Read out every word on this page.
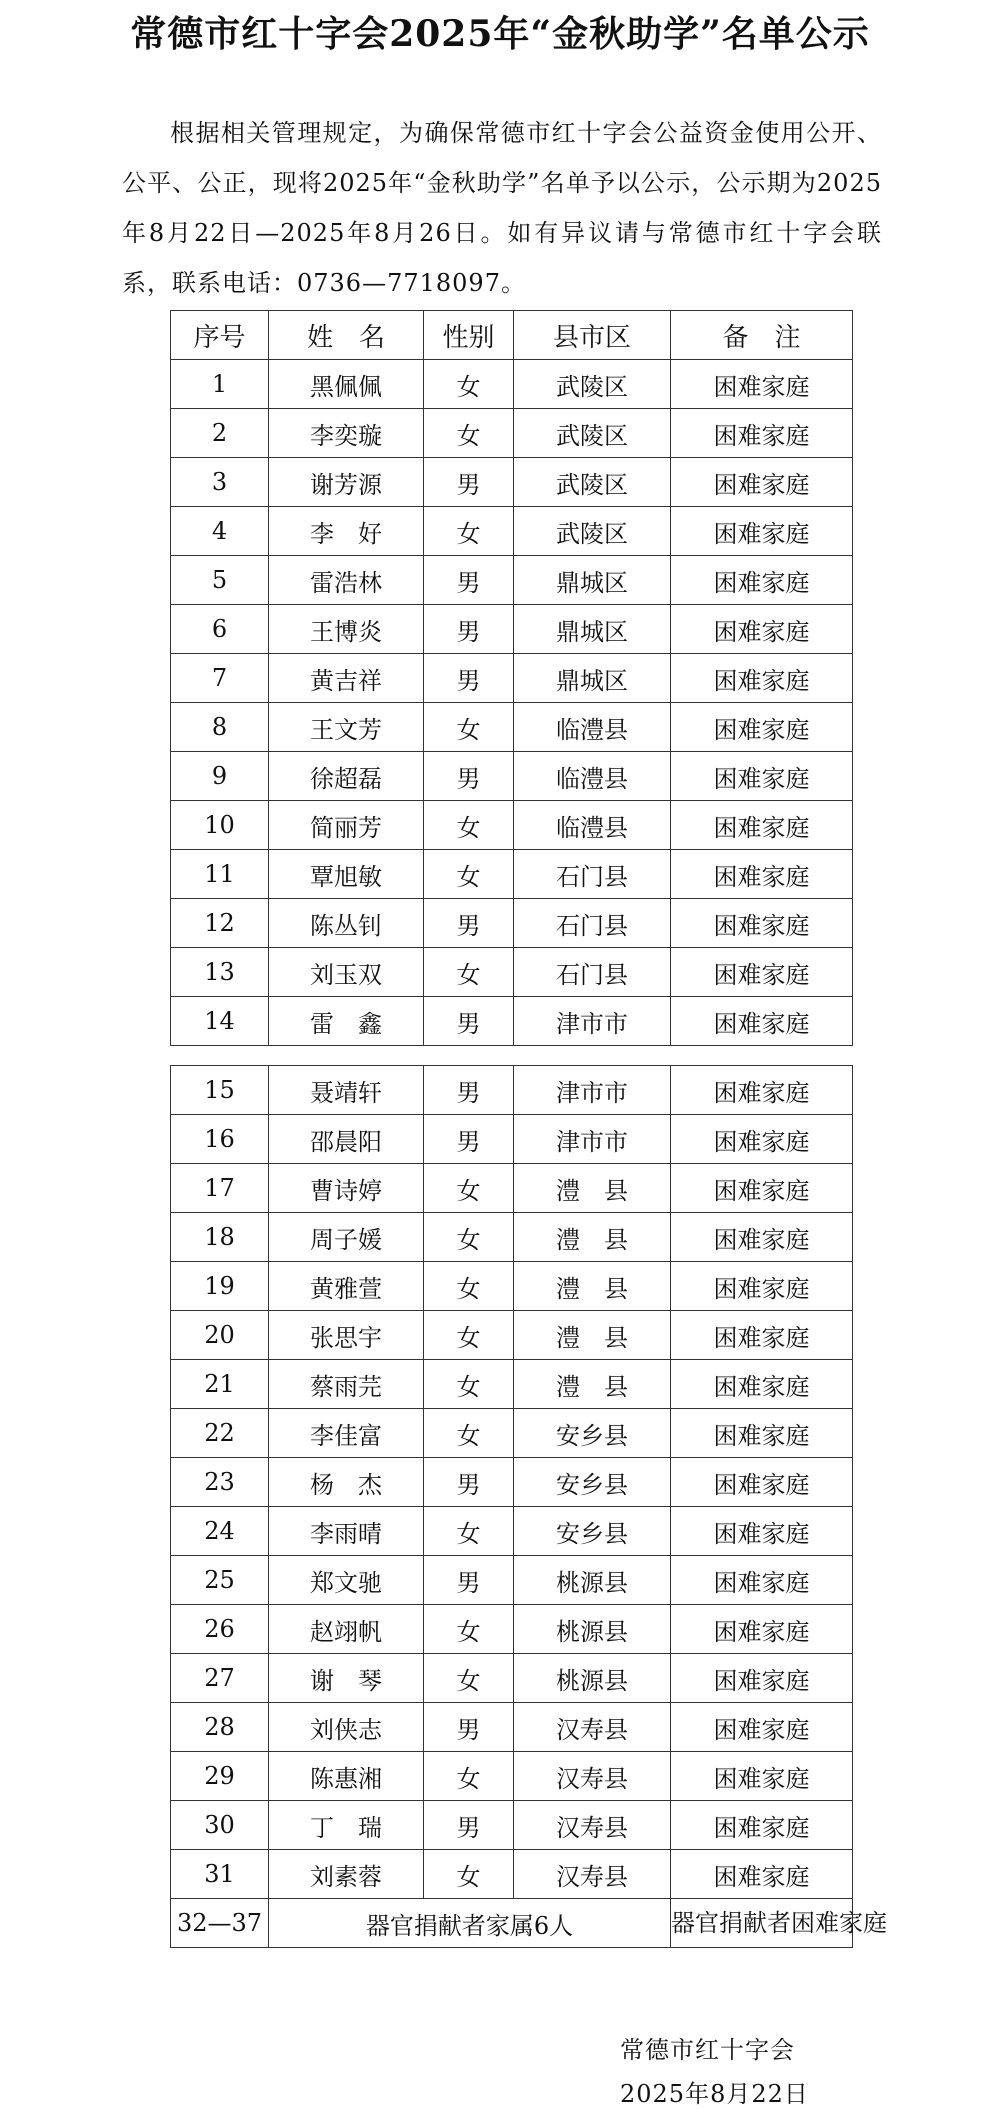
常德市红十字会2025年“金秋助学”名单公示
根据相关管理规定，为确保常德市红十字会公益资金使用公开、公平、公正，现将2025年“金秋助学”名单予以公示，公示期为2025年8月22日—2025年8月26日。如有异议请与常德市红十字会联系，联系电话：0736—7718097。
序号	姓　名	性别	县市区	备　注
1	黑佩佩	女	武陵区	困难家庭
2	李奕璇	女	武陵区	困难家庭
3	谢芳源	男	武陵区	困难家庭
4	李　好	女	武陵区	困难家庭
5	雷浩林	男	鼎城区	困难家庭
6	王博炎	男	鼎城区	困难家庭
7	黄吉祥	男	鼎城区	困难家庭
8	王文芳	女	临澧县	困难家庭
9	徐超磊	男	临澧县	困难家庭
10	简丽芳	女	临澧县	困难家庭
11	覃旭敏	女	石门县	困难家庭
12	陈丛钊	男	石门县	困难家庭
13	刘玉双	女	石门县	困难家庭
14	雷　鑫	男	津市市	困难家庭
15	聂靖轩	男	津市市	困难家庭
16	邵晨阳	男	津市市	困难家庭
17	曹诗婷	女	澧　县	困难家庭
18	周子媛	女	澧　县	困难家庭
19	黄雅萱	女	澧　县	困难家庭
20	张思宇	女	澧　县	困难家庭
21	蔡雨芫	女	澧　县	困难家庭
22	李佳富	女	安乡县	困难家庭
23	杨　杰	男	安乡县	困难家庭
24	李雨晴	女	安乡县	困难家庭
25	郑文驰	男	桃源县	困难家庭
26	赵翊帆	女	桃源县	困难家庭
27	谢　琴	女	桃源县	困难家庭
28	刘侠志	男	汉寿县	困难家庭
29	陈惠湘	女	汉寿县	困难家庭
30	丁　瑞	男	汉寿县	困难家庭
31	刘素蓉	女	汉寿县	困难家庭
32—37	器官捐献者家属6人			器官捐献者困难家庭
常德市红十字会
2025年8月22日
